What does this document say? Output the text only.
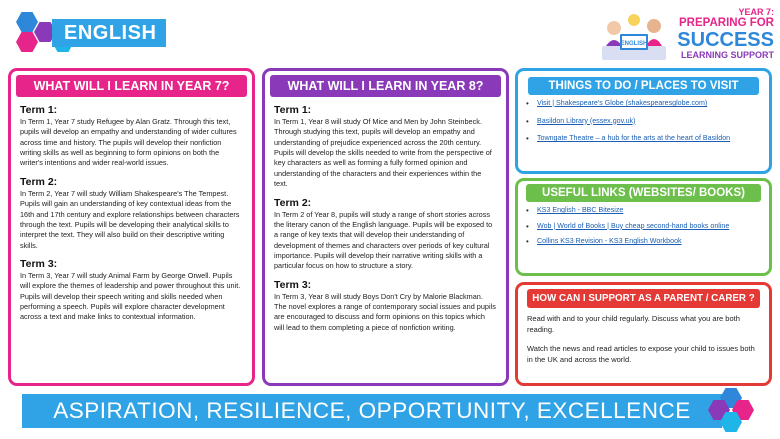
ENGLISH
ENGLISH
YEAR 7:
PREPARING FOR
SUCCESS
LEARNING SUPPORT
WHAT WILL I LEARN IN YEAR 7?
Term 1:
In Term 1, Year 7 study Refugee by Alan Gratz. Through this text, pupils will develop an empathy and understanding of wider cultures across time and history. The pupils will develop their nonfiction writing skills as well as beginning to form opinions on both the writer's intentions and wider real-world issues.
Term 2:
In Term 2, Year 7 will study William Shakespeare's The Tempest. Pupils will gain an understanding of key contextual ideas from the 16th and 17th century and explore relationships between characters through the text. Pupils will be developing their analytical skills to interpret the text. They will also build on their descriptive writing skills.
Term 3:
In Term 3, Year 7 will study Animal Farm by George Orwell. Pupils will explore the themes of leadership and power throughout this unit. Pupils will develop their speech writing and skills needed when performing a speech. Pupils will explore character development across a text and make links to contextual information.
WHAT WILL I LEARN IN YEAR 8?
Term 1:
In Term 1, Year 8 will study Of Mice and Men by John Steinbeck. Through studying this text, pupils will develop an empathy and understanding of prejudice experienced across the 20th century. Pupils will develop the skills needed to write from the perspective of key characters as well as forming a fully formed opinion and understanding of the characters and their experiences within the text.
Term 2:
In Term 2 of Year 8, pupils will study a range of short stories across the literary canon of the English language. Pupils will be exposed to a range of key texts that will develop their understanding of development of themes and characters over periods of key cultural importance. Pupils will develop their narrative writing skills with a particular focus on how to structure a story.
Term 3:
In Term 3, Year 8 will study Boys Don't Cry by Malorie Blackman. The novel explores a range of contemporary social issues and pupils are encouraged to discuss and form opinions on this topics which will lead to them completing a piece of nonfiction writing.
THINGS TO DO / PLACES TO VISIT
• Visit | Shakespeare's Globe (shakespearesglobe.com)
• Basildon Library (essex.gov.uk)
• Towngate Theatre – a hub for the arts at the heart of Basildon
USEFUL LINKS (WEBSITES/ BOOKS)
• KS3 English - BBC Bitesize
• Wob | World of Books | Buy cheap second-hand books online
• Collins KS3 Revision - KS3 English Workbook
HOW CAN I SUPPORT AS A PARENT / CARER ?

Read with and to your child regularly. Discuss what you are both reading.

Watch the news and read articles to expose your child to issues both in the UK and across the world.

ASPIRATION, RESILIENCE, OPPORTUNITY, EXCELLENCE
